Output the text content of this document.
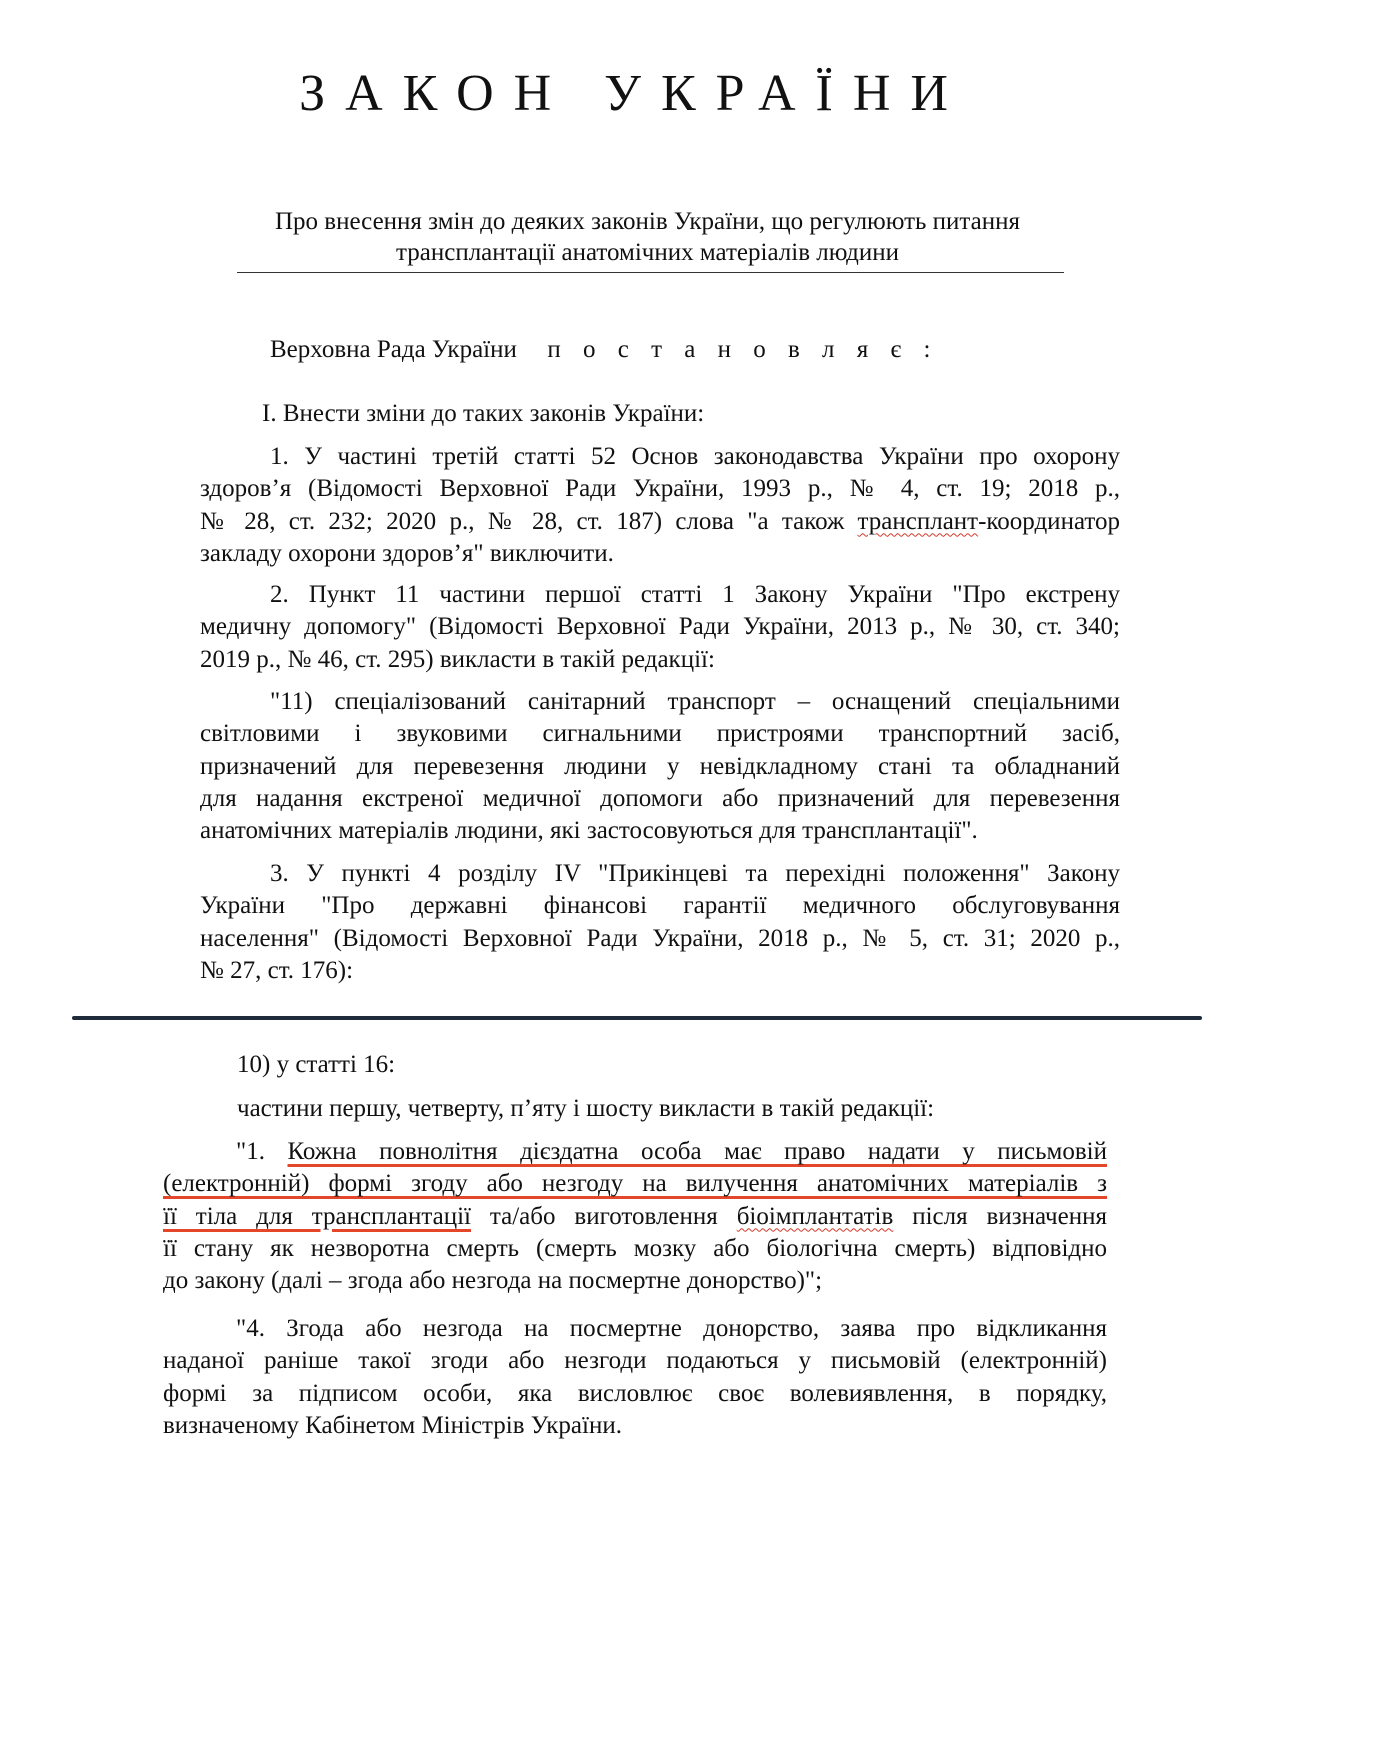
ЗАКОН УКРАЇНИ
Про внесення змін до деяких законів України, що регулюють питання
трансплантації анатомічних матеріалів людини
Верховна Рада України п о с т а н о в л я є :
I. Внести зміни до таких законів України:
1. У частині третій статті 52 Основ законодавства України про охорону
здоров’я (Відомості Верховної Ради України, 1993 р., № 4, ст. 19; 2018 р.,
№ 28, ст. 232; 2020 р., № 28, ст. 187) слова "а також трансплант-координатор
закладу охорони здоров’я" виключити.
2. Пункт 11 частини першої статті 1 Закону України "Про екстрену
медичну допомогу" (Відомості Верховної Ради України, 2013 р., № 30, ст. 340;
2019 р., № 46, ст. 295) викласти в такій редакції:
"11) спеціалізований санітарний транспорт – оснащений спеціальними
світловими і звуковими сигнальними пристроями транспортний засіб,
призначений для перевезення людини у невідкладному стані та обладнаний
для надання екстреної медичної допомоги або призначений для перевезення
анатомічних матеріалів людини, які застосовуються для трансплантації".
3. У пункті 4 розділу IV "Прикінцеві та перехідні положення" Закону
України "Про державні фінансові гарантії медичного обслуговування
населення" (Відомості Верховної Ради України, 2018 р., № 5, ст. 31; 2020 р.,
№ 27, ст. 176):
10) у статті 16:
частини першу, четверту, п’яту і шосту викласти в такій редакції:
"1. Кожна повнолітня дієздатна особа має право надати у письмовій
(електронній) формі згоду або незгоду на вилучення анатомічних матеріалів з
її тіла для трансплантації та/або виготовлення біоімплантатів після визначення
її стану як незворотна смерть (смерть мозку або біологічна смерть) відповідно
до закону (далі – згода або незгода на посмертне донорство)";
"4. Згода або незгода на посмертне донорство, заява про відкликання
наданої раніше такої згоди або незгоди подаються у письмовій (електронній)
формі за підписом особи, яка висловлює своє волевиявлення, в порядку,
визначеному Кабінетом Міністрів України.
